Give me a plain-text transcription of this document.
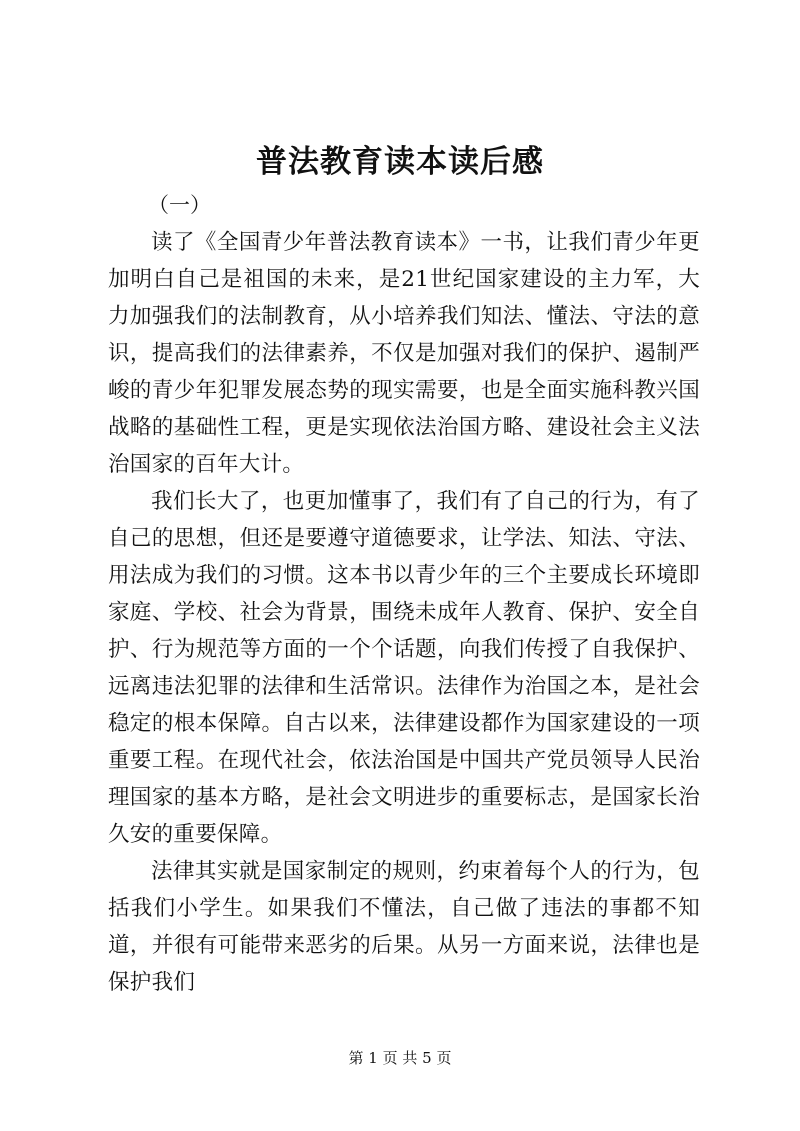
普法教育读本读后感
（一）

读了《全国青少年普法教育读本》一书，让我们青少年更加明白自己是祖国的未来，是21世纪国家建设的主力军，大力加强我们的法制教育，从小培养我们知法、懂法、守法的意识，提高我们的法律素养，不仅是加强对我们的保护、遏制严峻的青少年犯罪发展态势的现实需要，也是全面实施科教兴国战略的基础性工程，更是实现依法治国方略、建设社会主义法治国家的百年大计。

我们长大了，也更加懂事了，我们有了自己的行为，有了自己的思想，但还是要遵守道德要求，让学法、知法、守法、用法成为我们的习惯。这本书以青少年的三个主要成长环境即家庭、学校、社会为背景，围绕未成年人教育、保护、安全自护、行为规范等方面的一个个话题，向我们传授了自我保护、远离违法犯罪的法律和生活常识。法律作为治国之本，是社会稳定的根本保障。自古以来，法律建设都作为国家建设的一项重要工程。在现代社会，依法治国是中国共产党员领导人民治理国家的基本方略，是社会文明进步的重要标志，是国家长治久安的重要保障。

法律其实就是国家制定的规则，约束着每个人的行为，包括我们小学生。如果我们不懂法，自己做了违法的事都不知道，并很有可能带来恶劣的后果。从另一方面来说，法律也是保护我们

第 1 页 共 5 页
